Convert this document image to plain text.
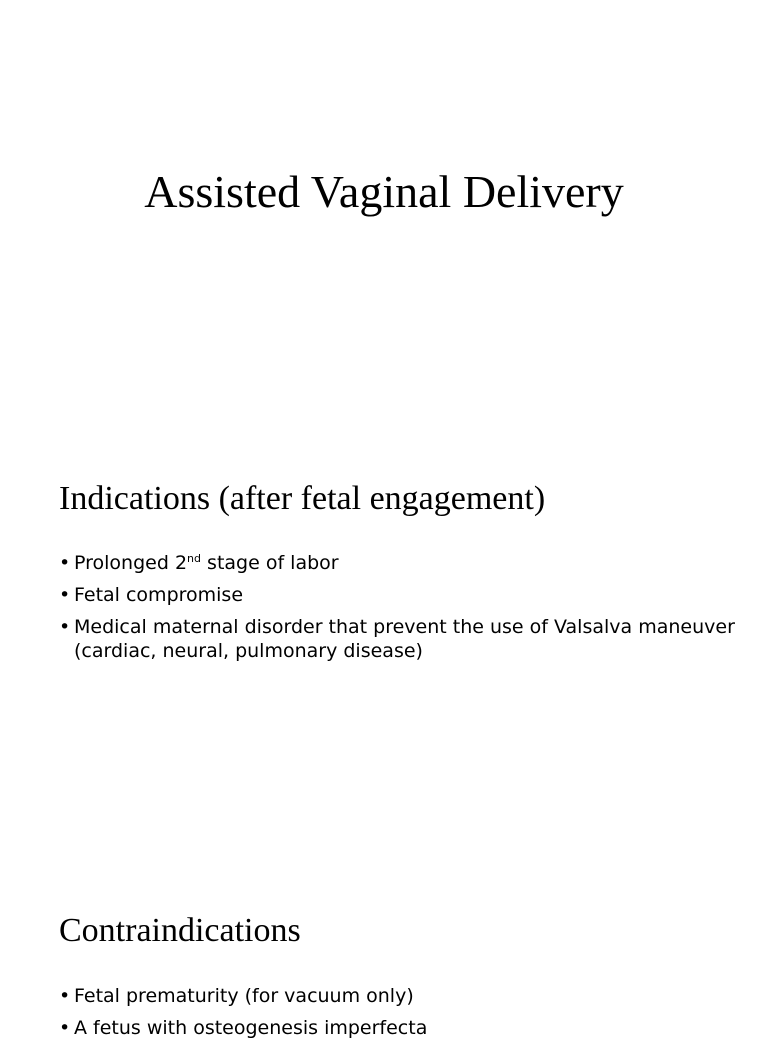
Assisted Vaginal Delivery
Indications (after fetal engagement)
• Prolonged 2nd stage of labor
• Fetal compromise
• Medical maternal disorder that prevent the use of Valsalva maneuver
(cardiac, neural, pulmonary disease)
Contraindications
• Fetal prematurity (for vacuum only)
• A fetus with osteogenesis imperfecta
